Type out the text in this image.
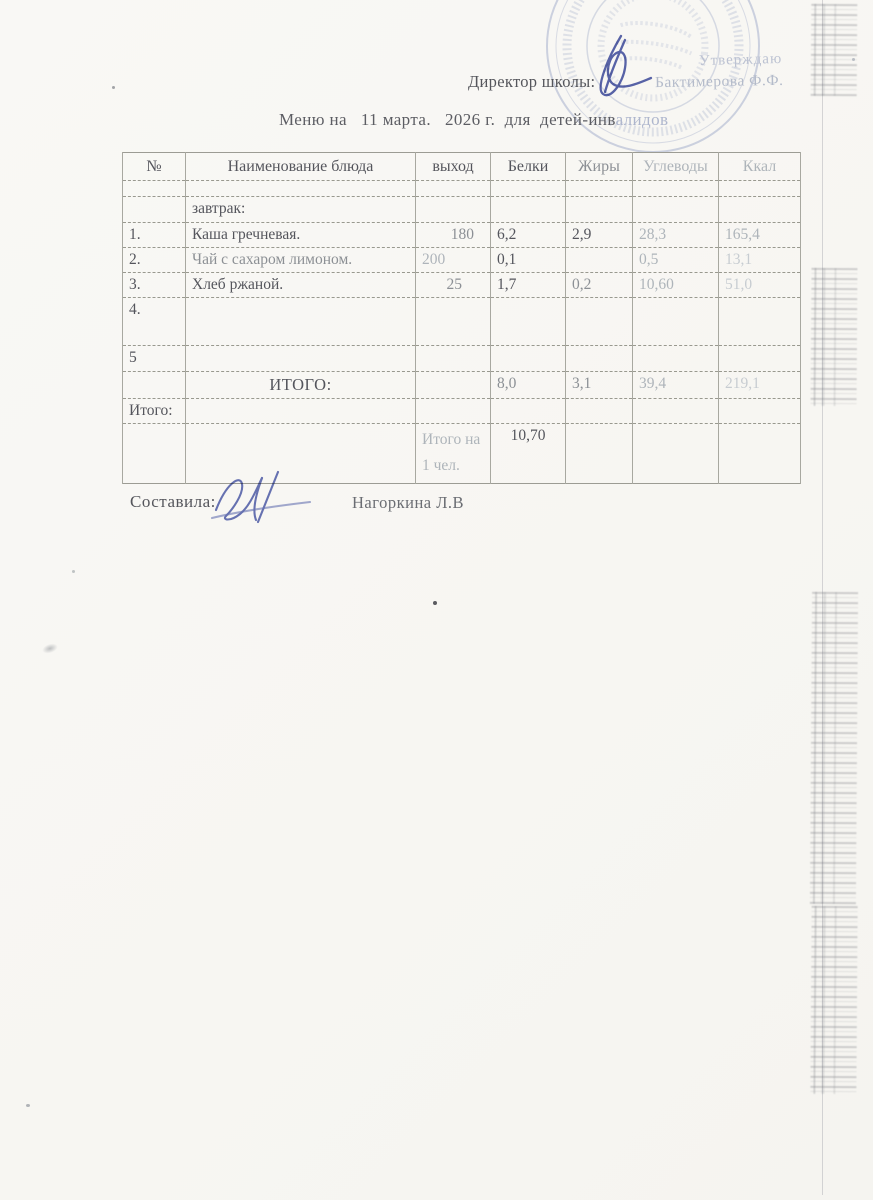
Утверждаю
Директор школы:	Бактимерова Ф.Ф.
Меню на   11 марта.   2026 г.  для  детей-инвалидов
№	Наименование блюда	выход	Белки	Жиры	Углеводы	Ккал

	завтрак:					
1.	Каша гречневая.	180	6,2	2,9	28,3	165,4
2.	Чай с сахаром лимоном.	200	0,1		0,5	13,1
3.	Хлеб ржаной.	25	1,7	0,2	10,60	51,0
4.						
5						
	ИТОГО:		8,0	3,1	39,4	219,1
Итого:						
		Итого на 1 чел.	10,70			
Составила:	Нагоркина Л.В
